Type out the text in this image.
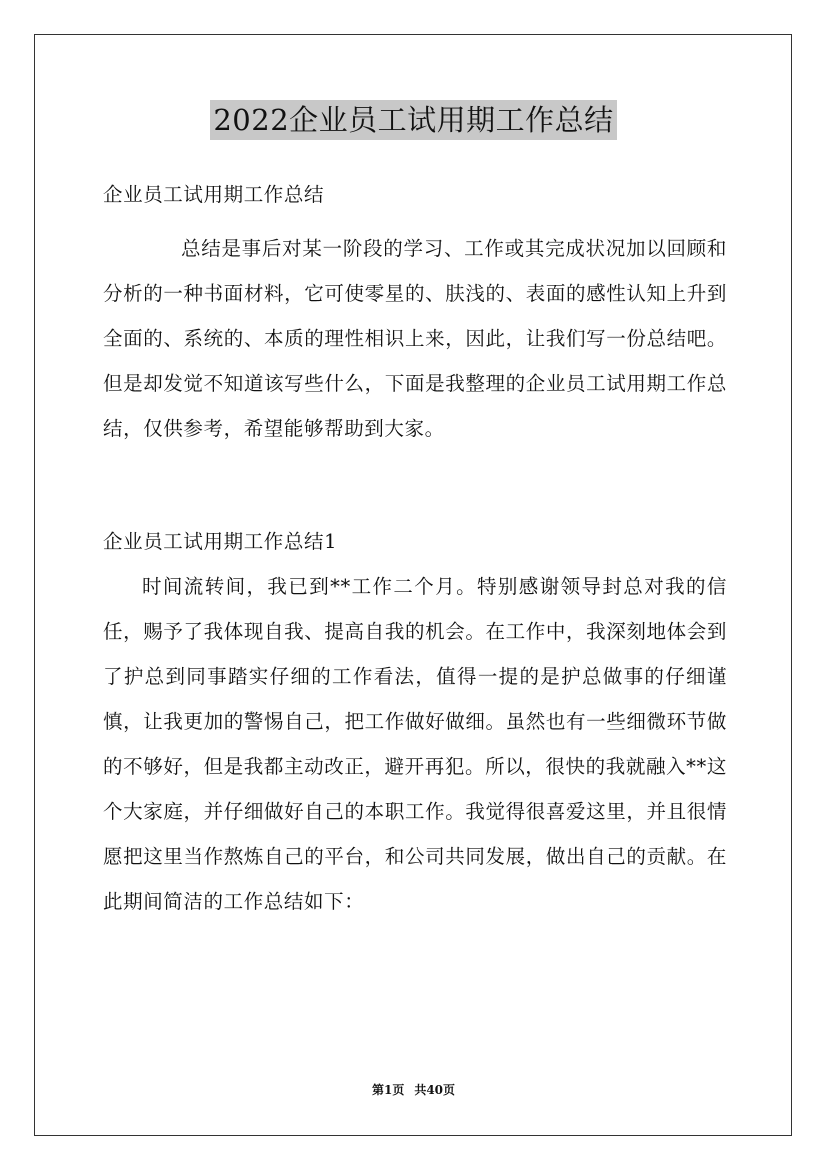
2022企业员工试用期工作总结

企业员工试用期工作总结

总结是事后对某一阶段的学习、工作或其完成状况加以回顾和分析的一种书面材料，它可使零星的、肤浅的、表面的感性认知上升到全面的、系统的、本质的理性相识上来，因此，让我们写一份总结吧。但是却发觉不知道该写些什么，下面是我整理的企业员工试用期工作总结，仅供参考，希望能够帮助到大家。

企业员工试用期工作总结1

时间流转间，我已到**工作二个月。特别感谢领导封总对我的信任，赐予了我体现自我、提高自我的机会。在工作中，我深刻地体会到了护总到同事踏实仔细的工作看法，值得一提的是护总做事的仔细谨慎，让我更加的警惕自己，把工作做好做细。虽然也有一些细微环节做的不够好，但是我都主动改正，避开再犯。所以，很快的我就融入**这个大家庭，并仔细做好自己的本职工作。我觉得很喜爱这里，并且很情愿把这里当作熬炼自己的平台，和公司共同发展，做出自己的贡献。在此期间简洁的工作总结如下：

第1页 共40页
